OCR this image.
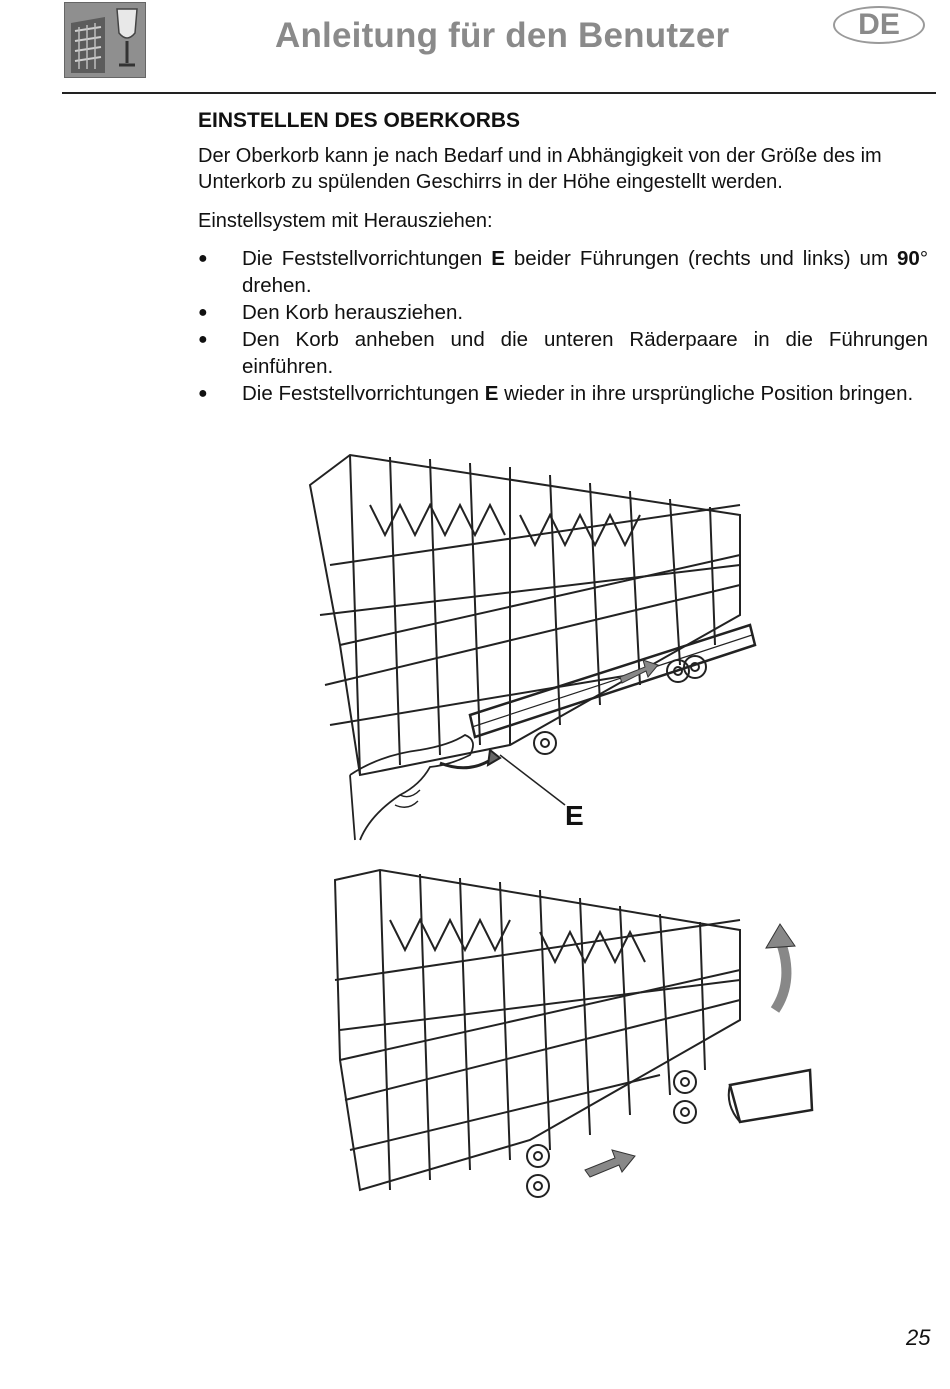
Anleitung für den Benutzer	DE
EINSTELLEN DES OBERKORBS
Der Oberkorb kann je nach Bedarf und in Abhängigkeit von der Größe des im Unterkorb zu spülenden Geschirrs in der Höhe eingestellt werden.
Einstellsystem mit Herausziehen:
● Die Feststellvorrichtungen E beider Führungen (rechts und links) um 90° drehen.
● Den Korb herausziehen.
● Den Korb anheben und die unteren Räderpaare in die Führungen einführen.
● Die Feststellvorrichtungen E wieder in ihre ursprüngliche Position bringen.
E
25
